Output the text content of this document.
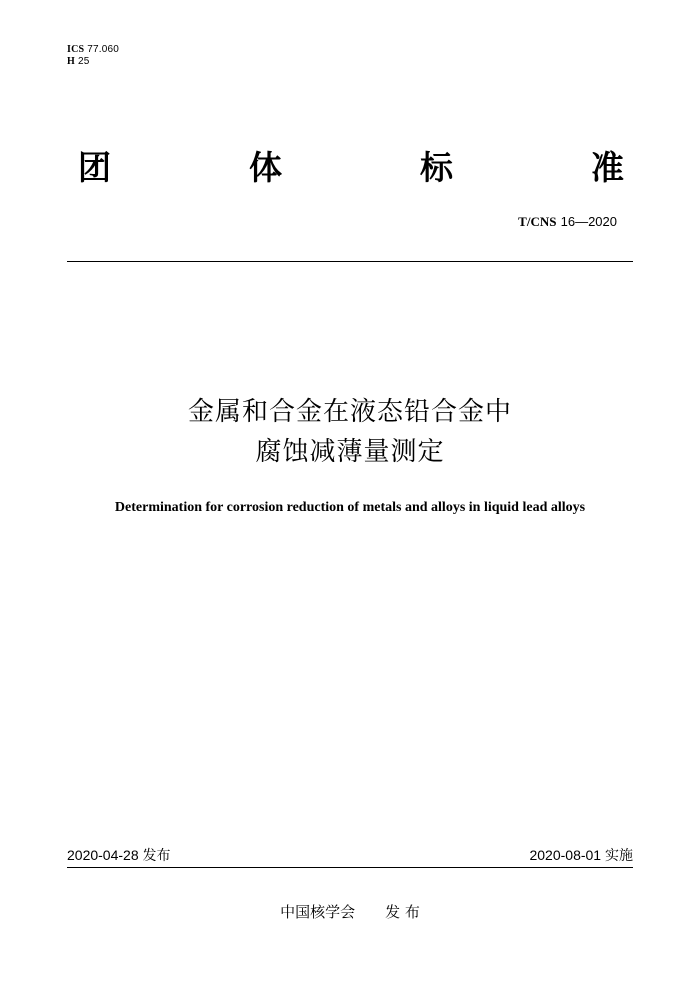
ICS 77.060
H 25
团	体	标	准
T/CNS 16—2020
金属和合金在液态铅合金中
腐蚀减薄量测定
Determination for corrosion reduction of metals and alloys in liquid lead alloys
2020-04-28 发布	2020-08-01 实施
中国核学会 发 布
